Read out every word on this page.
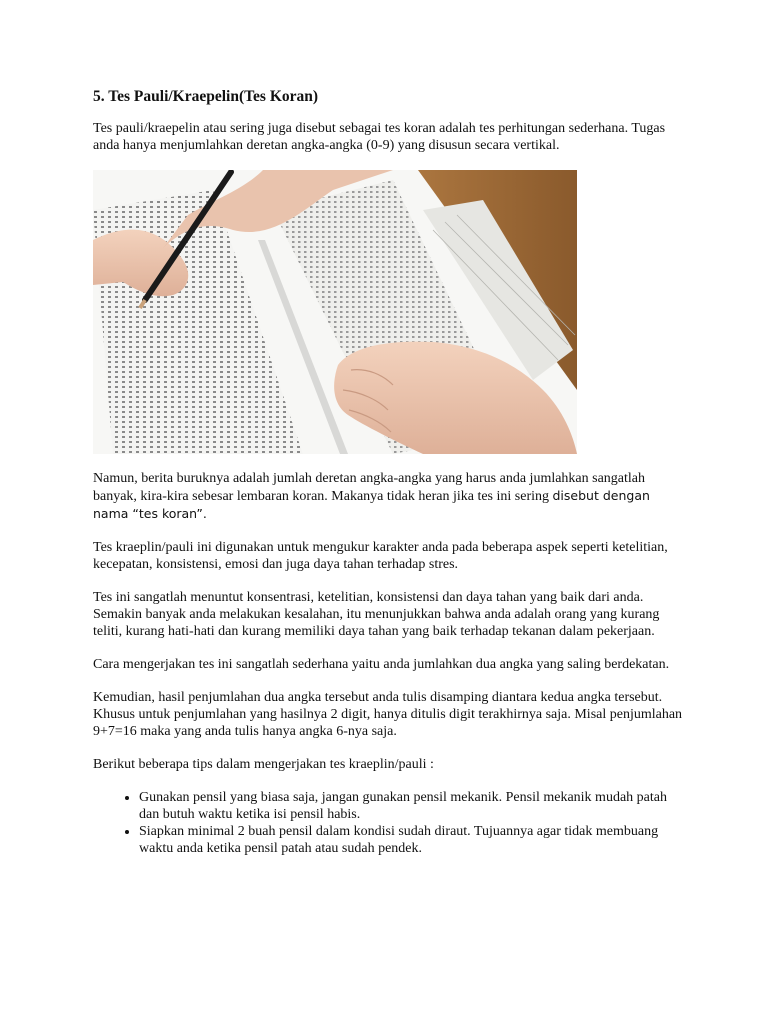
5. Tes Pauli/Kraepelin(Tes Koran)

Tes pauli/kraepelin atau sering juga disebut sebagai tes koran adalah tes perhitungan sederhana. Tugas anda hanya menjumlahkan deretan angka-angka (0-9) yang disusun secara vertikal.

Namun, berita buruknya adalah jumlah deretan angka-angka yang harus anda jumlahkan sangatlah banyak, kira-kira sebesar lembaran koran. Makanya tidak heran jika tes ini sering disebut dengan nama “tes koran”.

Tes kraeplin/pauli ini digunakan untuk mengukur karakter anda pada beberapa aspek seperti ketelitian, kecepatan, konsistensi, emosi dan juga daya tahan terhadap stres.

Tes ini sangatlah menuntut konsentrasi, ketelitian, konsistensi dan daya tahan yang baik dari anda. Semakin banyak anda melakukan kesalahan, itu menunjukkan bahwa anda adalah orang yang kurang teliti, kurang hati-hati dan kurang memiliki daya tahan yang baik terhadap tekanan dalam pekerjaan.

Cara mengerjakan tes ini sangatlah sederhana yaitu anda jumlahkan dua angka yang saling berdekatan.

Kemudian, hasil penjumlahan dua angka tersebut anda tulis disamping diantara kedua angka tersebut. Khusus untuk penjumlahan yang hasilnya 2 digit, hanya ditulis digit terakhirnya saja. Misal penjumlahan 9+7=16 maka yang anda tulis hanya angka 6-nya saja.

Berikut beberapa tips dalam mengerjakan tes kraeplin/pauli :

• Gunakan pensil yang biasa saja, jangan gunakan pensil mekanik. Pensil mekanik mudah patah dan butuh waktu ketika isi pensil habis.
• Siapkan minimal 2 buah pensil dalam kondisi sudah diraut. Tujuannya agar tidak membuang waktu anda ketika pensil patah atau sudah pendek.
